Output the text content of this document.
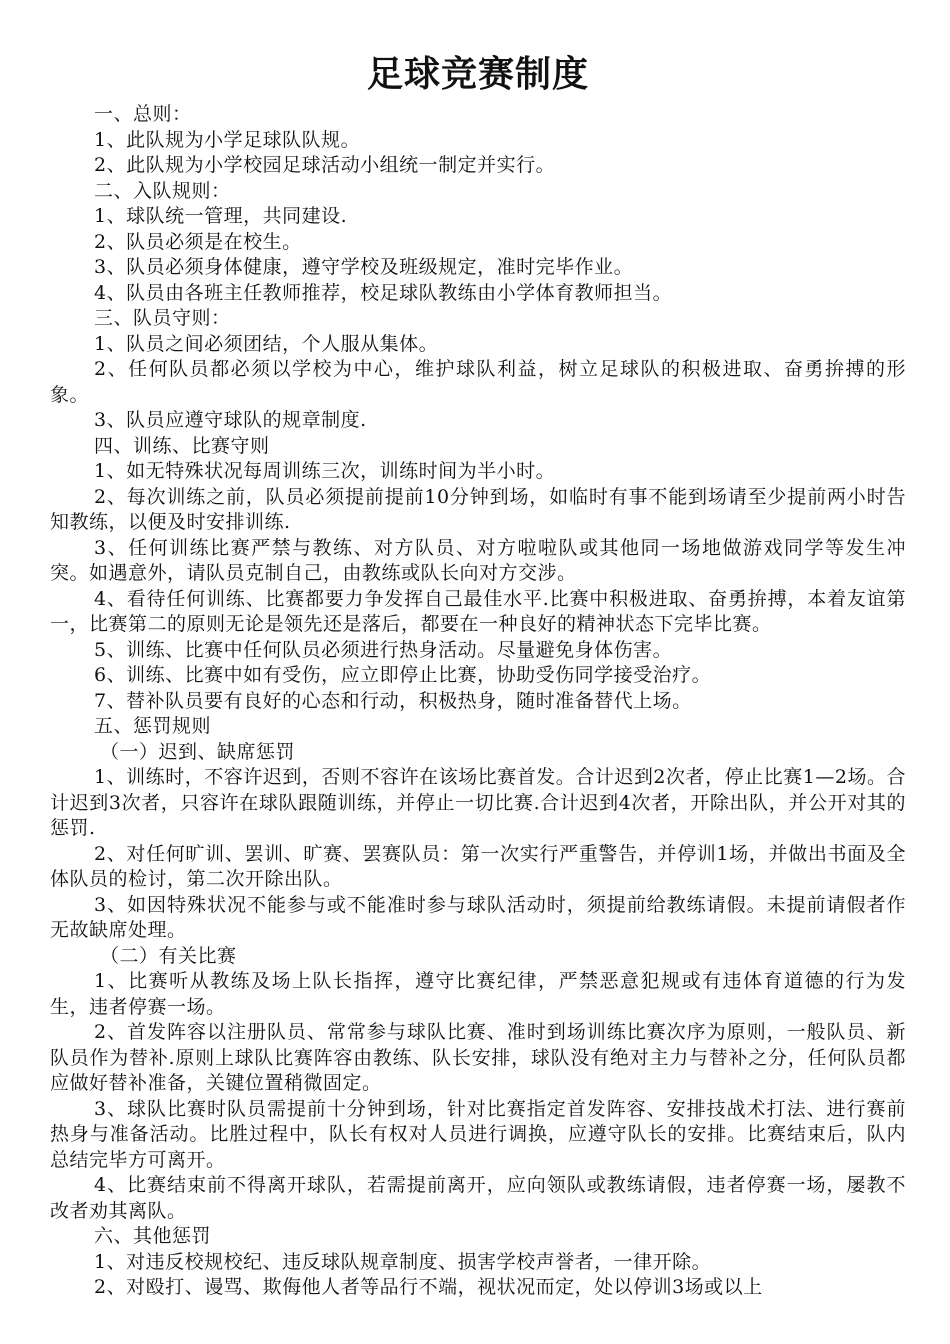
足球竞赛制度

一、总则：

1、此队规为小学足球队队规。

2、此队规为小学校园足球活动小组统一制定并实行。

二、入队规则：

1、球队统一管理，共同建设.

2、队员必须是在校生。

3、队员必须身体健康，遵守学校及班级规定，准时完毕作业。

4、队员由各班主任教师推荐，校足球队教练由小学体育教师担当。

三、队员守则：

1、队员之间必须团结，个人服从集体。

2、任何队员都必须以学校为中心，维护球队利益，树立足球队的积极进取、奋勇拚搏的形象。

3、队员应遵守球队的规章制度.

四、训练、比赛守则

1、如无特殊状况每周训练三次，训练时间为半小时。

2、每次训练之前，队员必须提前提前10分钟到场，如临时有事不能到场请至少提前两小时告知教练，以便及时安排训练.

3、任何训练比赛严禁与教练、对方队员、对方啦啦队或其他同一场地做游戏同学等发生冲突。如遇意外，请队员克制自己，由教练或队长向对方交涉。

4、看待任何训练、比赛都要力争发挥自己最佳水平.比赛中积极进取、奋勇拚搏，本着友谊第一，比赛第二的原则无论是领先还是落后，都要在一种良好的精神状态下完毕比赛。

5、训练、比赛中任何队员必须进行热身活动。尽量避免身体伤害。

6、训练、比赛中如有受伤，应立即停止比赛，协助受伤同学接受治疗。

7、替补队员要有良好的心态和行动，积极热身，随时准备替代上场。

五、惩罚规则

（一）迟到、缺席惩罚

1、训练时，不容许迟到，否则不容许在该场比赛首发。合计迟到2次者，停止比赛1—2场。合计迟到3次者，只容许在球队跟随训练，并停止一切比赛.合计迟到4次者，开除出队，并公开对其的惩罚.

2、对任何旷训、罢训、旷赛、罢赛队员：第一次实行严重警告，并停训1场，并做出书面及全体队员的检讨，第二次开除出队。

3、如因特殊状况不能参与或不能准时参与球队活动时，须提前给教练请假。未提前请假者作无故缺席处理。

（二）有关比赛

1、比赛听从教练及场上队长指挥，遵守比赛纪律，严禁恶意犯规或有违体育道德的行为发生，违者停赛一场。

2、首发阵容以注册队员、常常参与球队比赛、准时到场训练比赛次序为原则，一般队员、新队员作为替补.原则上球队比赛阵容由教练、队长安排，球队没有绝对主力与替补之分，任何队员都应做好替补准备，关键位置稍微固定。

3、球队比赛时队员需提前十分钟到场，针对比赛指定首发阵容、安排技战术打法、进行赛前热身与准备活动。比胜过程中，队长有权对人员进行调换，应遵守队长的安排。比赛结束后，队内总结完毕方可离开。

4、比赛结束前不得离开球队，若需提前离开，应向领队或教练请假，违者停赛一场，屡教不改者劝其离队。

六、其他惩罚

1、对违反校规校纪、违反球队规章制度、损害学校声誉者，一律开除。

2、对殴打、谩骂、欺侮他人者等品行不端，视状况而定，处以停训3场或以上
